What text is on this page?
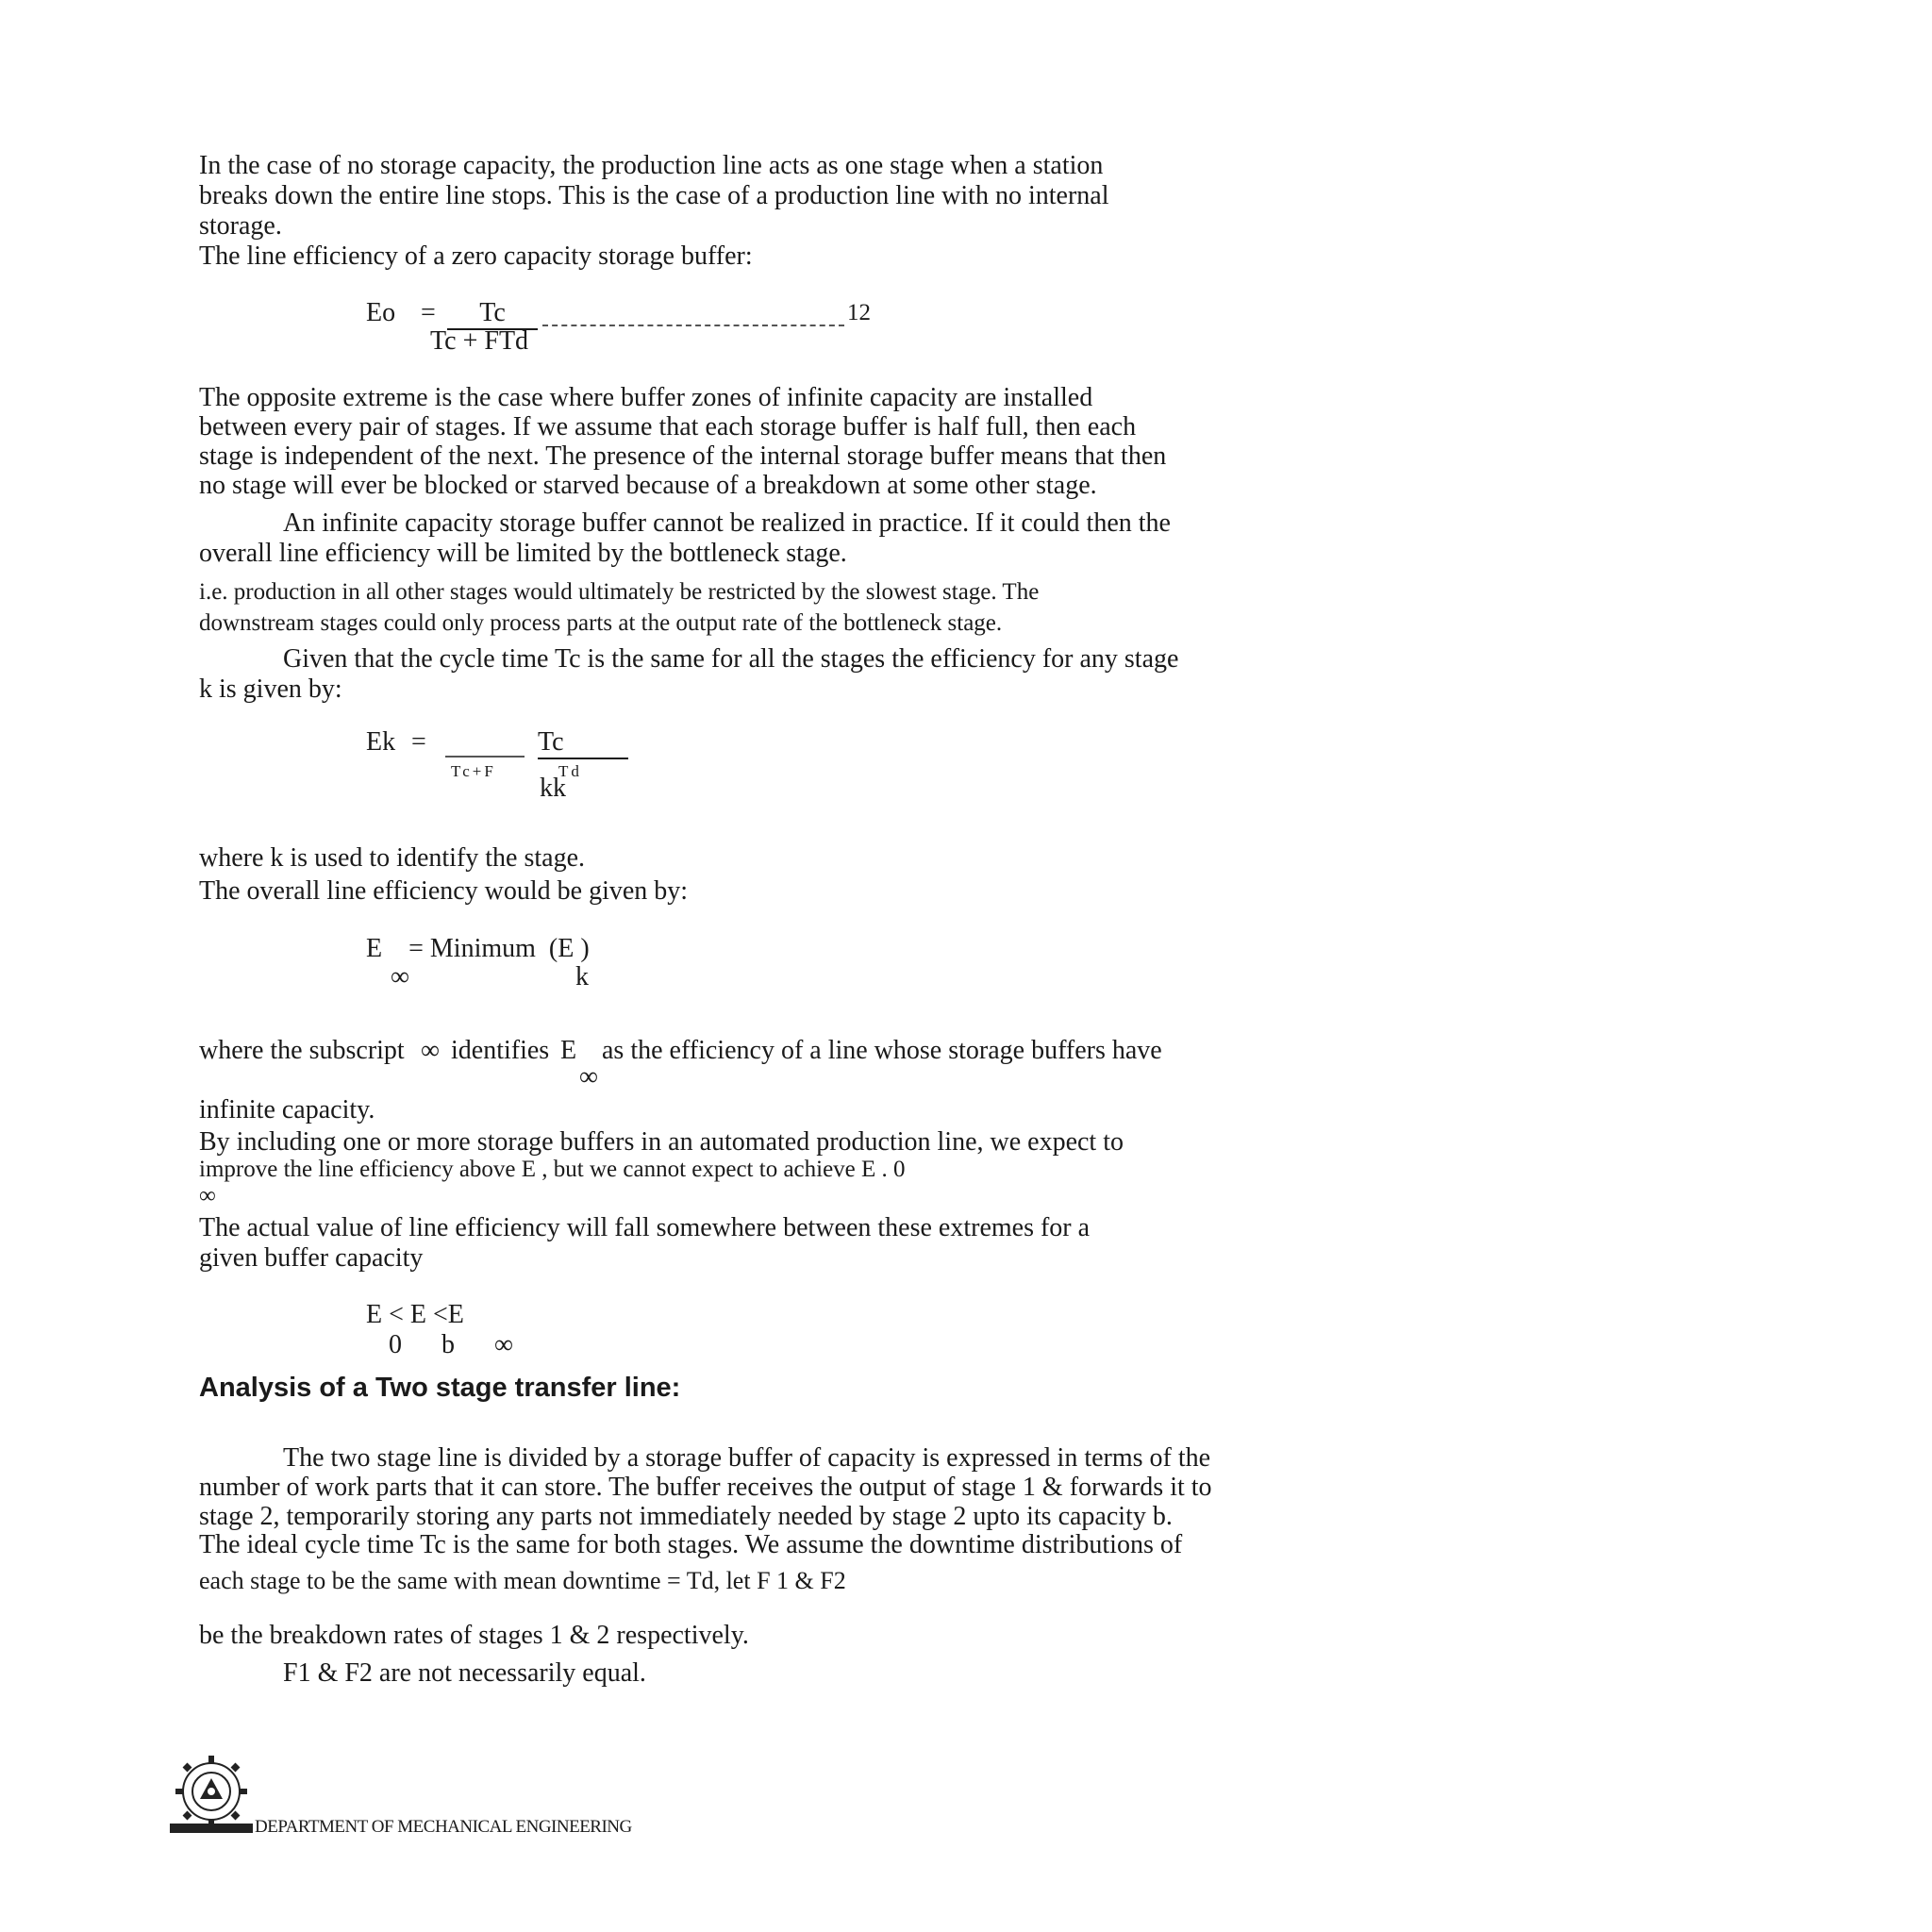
In the case of no storage capacity, the production line acts as one stage when a station
breaks down the entire line stops. This is the case of a production line with no internal
storage.
The line efficiency of a zero capacity storage buffer:
Eo =	Tc	12
Tc + FTd
The opposite extreme is the case where buffer zones of infinite capacity are installed
between every pair of stages. If we assume that each storage buffer is half full, then each
stage is independent of the next. The presence of the internal storage buffer means that then
no stage will ever be blocked or starved because of a breakdown at some other stage.
An infinite capacity storage buffer cannot be realized in practice. If it could then the
overall line efficiency will be limited by the bottleneck stage.
i.e. production in all other stages would ultimately be restricted by the slowest stage. The
downstream stages could only process parts at the output rate of the bottleneck stage.
Given that the cycle time Tc is the same for all the stages the efficiency for any stage
k is given by:
Ek =	Tc
Tc+F	Td
kk
where k is used to identify the stage.
The overall line efficiency would be given by:
E    = Minimum  (E )
∞	k
where the subscript ∞ identifies E as the efficiency of a line whose storage buffers have
∞
infinite capacity.
By including one or more storage buffers in an automated production line, we expect to
improve the line efficiency above E , but we cannot expect to achieve E . 0
∞
The actual value of line efficiency will fall somewhere between these extremes for a
given buffer capacity
E < E <E
0      b      ∞
Analysis of a Two stage transfer line:
The two stage line is divided by a storage buffer of capacity is expressed in terms of the
number of work parts that it can store. The buffer receives the output of stage 1 & forwards it to
stage 2, temporarily storing any parts not immediately needed by stage 2 upto its capacity b.
The ideal cycle time Tc is the same for both stages. We assume the downtime distributions of
each stage to be the same with mean downtime = Td, let F 1 & F2
be the breakdown rates of stages 1 & 2 respectively.
F1 & F2 are not necessarily equal.
DEPARTMENT OF MECHANICAL ENGINEERING
